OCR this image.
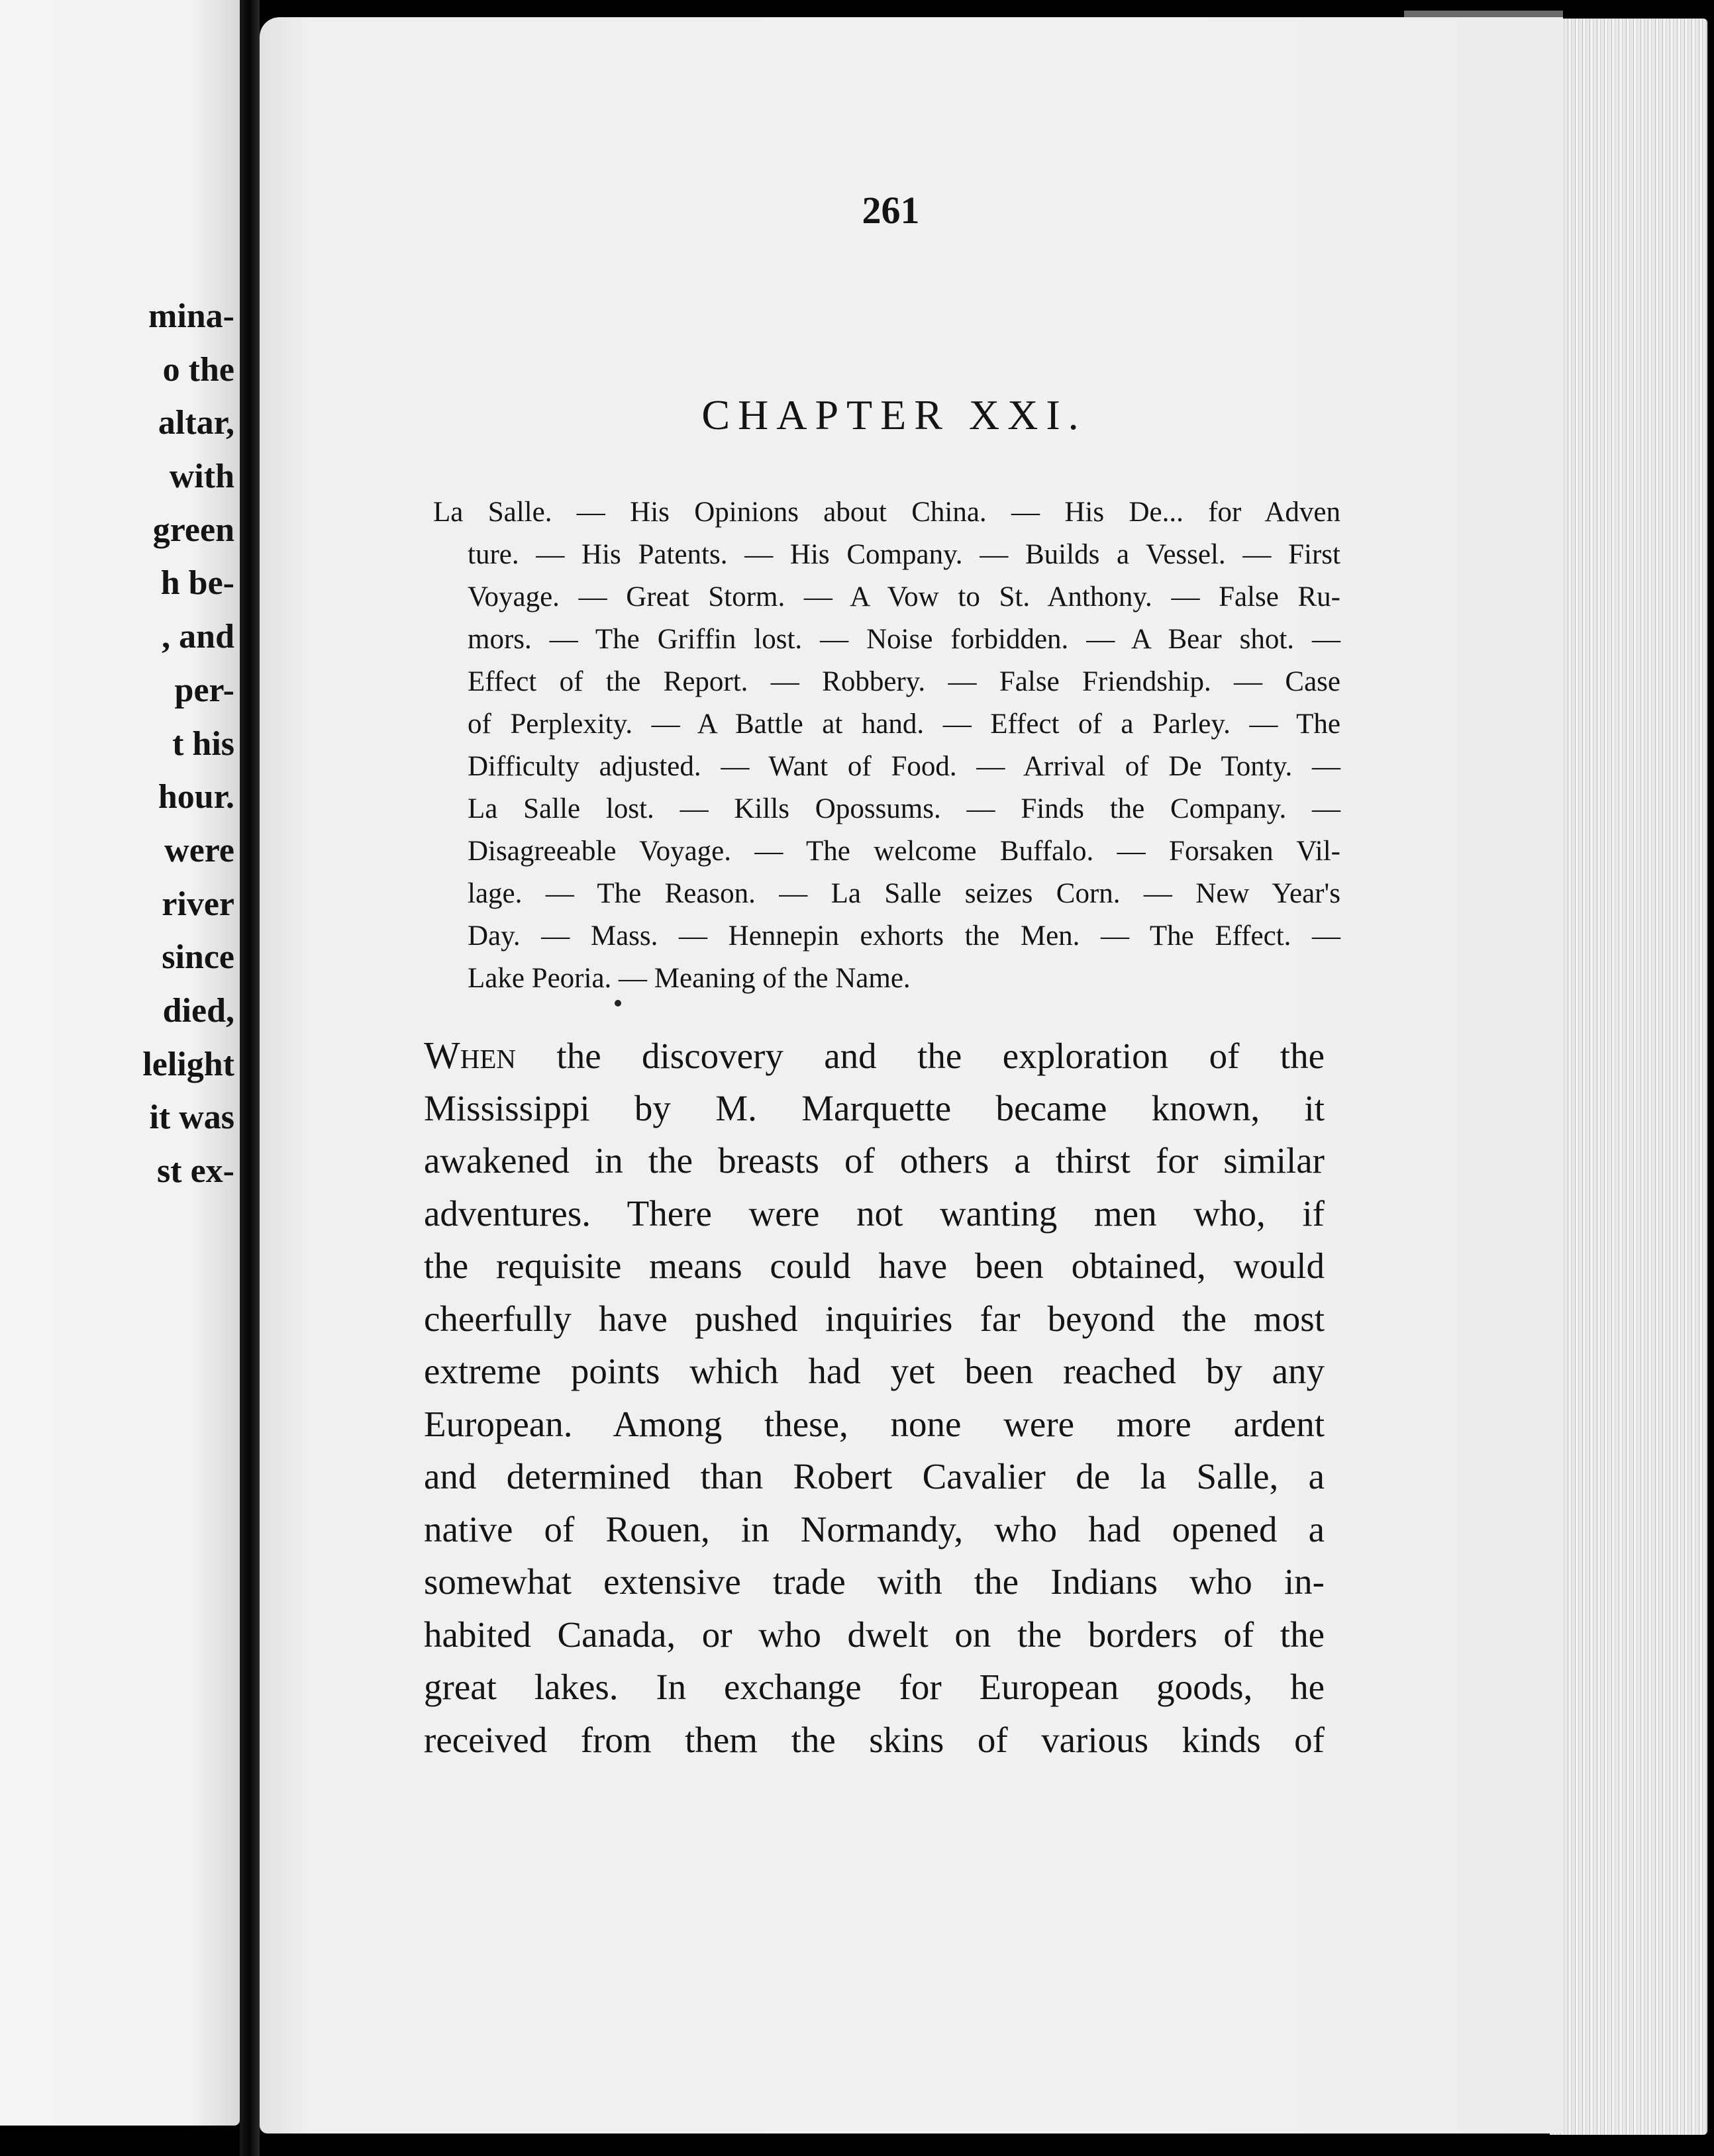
mina-
o the
altar,
with
green
h be-
, and
per-
t his
hour.
were
river
since
died,
lelight
it was
st ex-
261
CHAPTER XXI.
La Salle. — His Opinions about China. — His De... for Adven
ture. — His Patents. — His Company. — Builds a Vessel. — First
Voyage. — Great Storm. — A Vow to St. Anthony. — False Ru-
mors. — The Griffin lost. — Noise forbidden. — A Bear shot. —
Effect of the Report. — Robbery. — False Friendship. — Case
of Perplexity. — A Battle at hand. — Effect of a Parley. — The
Difficulty adjusted. — Want of Food. — Arrival of De Tonty. —
La Salle lost. — Kills Opossums. — Finds the Company. —
Disagreeable Voyage. — The welcome Buffalo. — Forsaken Vil-
lage. — The Reason. — La Salle seizes Corn. — New Year's
Day. — Mass. — Hennepin exhorts the Men. — The Effect. —
Lake Peoria. — Meaning of the Name.
When the discovery and the exploration of the
Mississippi by M. Marquette became known, it
awakened in the breasts of others a thirst for similar
adventures. There were not wanting men who, if
the requisite means could have been obtained, would
cheerfully have pushed inquiries far beyond the most
extreme points which had yet been reached by any
European. Among these, none were more ardent
and determined than Robert Cavalier de la Salle, a
native of Rouen, in Normandy, who had opened a
somewhat extensive trade with the Indians who in-
habited Canada, or who dwelt on the borders of the
great lakes. In exchange for European goods, he
received from them the skins of various kinds of
